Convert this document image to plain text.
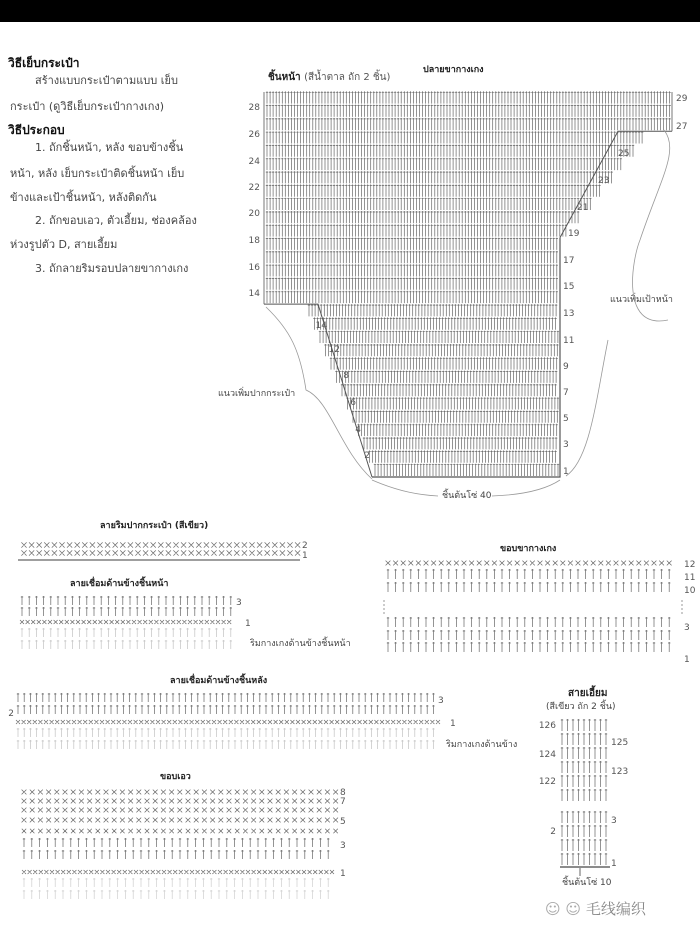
วิธีเย็บกระเป๋า
สร้างแบบกระเป๋าตามแบบ เย็บ
กระเป๋า (ดูวิธีเย็บกระเป๋ากางเกง)
วิธีประกอบ
1. ถักชิ้นหน้า, หลัง ขอบข้างชิ้น
หน้า, หลัง เย็บกระเป๋าติดชิ้นหน้า เย็บ
ข้างและเป้าชิ้นหน้า, หลังติดกัน
2. ถักขอบเอว, ตัวเอี้ยม, ช่องคล้อง
ห่วงรูปตัว D, สายเอี้ยม
3. ถักลายริมรอบปลายขากางเกง
ชิ้นหน้า (สีน้ำตาล ถัก 2 ชิ้น)
ปลายขากางเกง
แนวเพิ่มเป้าหน้า
แนวเพิ่มปากกระเป๋า
ชิ้นต้นโซ่ 40
ลายริมปากกระเป๋า (สีเขียว)
ลายเชื่อมด้านข้างชิ้นหน้า
ริมกางเกงด้านข้างชิ้นหน้า
ขอบขากางเกง
ลายเชื่อมด้านข้างชิ้นหลัง
ริมกางเกงด้านข้าง
ขอบเอว
สายเอี้ยม
(สีเขียว ถัก 2 ชิ้น)
ชิ้นต้นโซ่ 10
☺ ☺ 毛线编织
29
27
25
23
21
19
17
15
13
11
9
7
5
3
1
28
26
24
22
20
18
16
14
14
12
8
6
4
2
2
1
3
1
12
11
10
3
1
3
2
1
8
7
5
3
1
126
124
122
2
125
123
3
1
